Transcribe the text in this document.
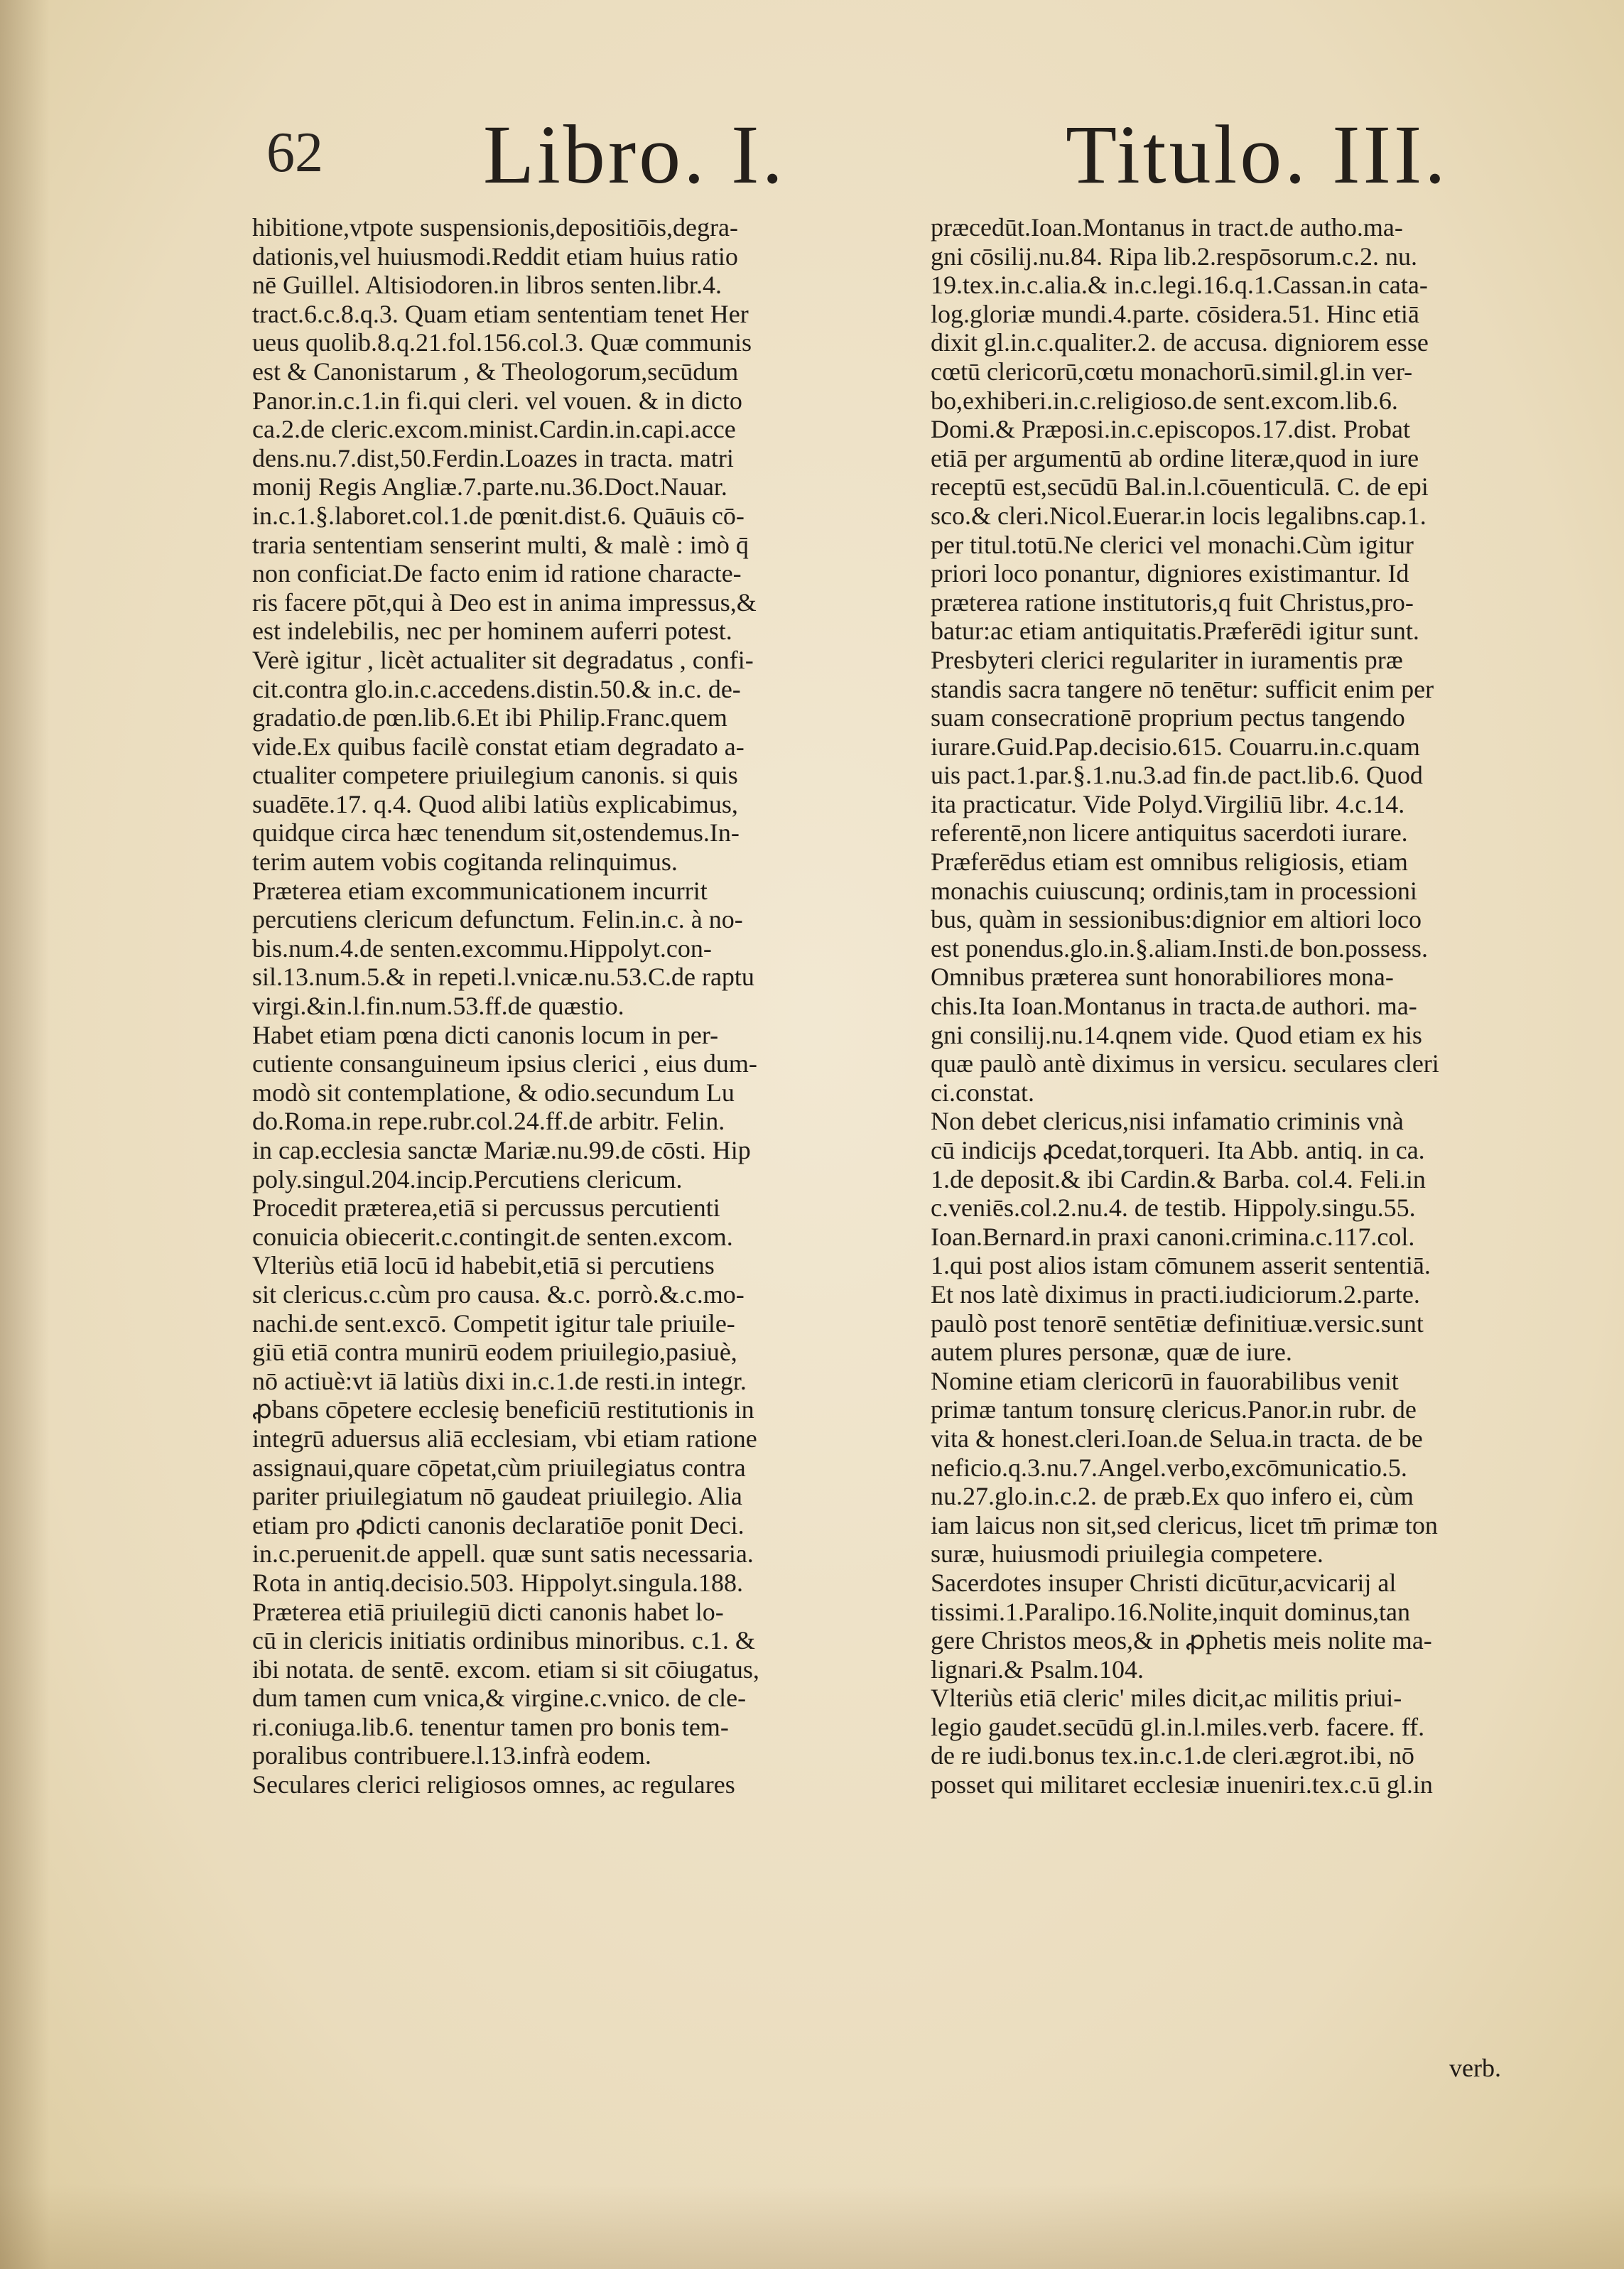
62 Libro. I.	Titulo. III.
hibitione,vtpote suspensionis,depositiōis,degra-
dationis,vel huiusmodi.Reddit etiam huius ratio
nē Guillel. Altisiodoren.in libros senten.libr.4.
tract.6.c.8.q.3. Quam etiam sententiam tenet Her
ueus quolib.8.q.21.fol.156.col.3. Quæ communis
est & Canonistarum , & Theologorum,secūdum
Panor.in.c.1.in fi.qui cleri. vel vouen. & in dicto
ca.2.de cleric.excom.minist.Cardin.in.capi.acce
dens.nu.7.dist,50.Ferdin.Loazes in tracta. matri
monij Regis Angliæ.7.parte.nu.36.Doct.Nauar.
in.c.1.§.laboret.col.1.de pœnit.dist.6. Quāuis cō-
traria sententiam senserint multi, & malè : imò q̄
non conficiat.De facto enim id ratione characte-
ris facere pōt,qui à Deo est in anima impressus,&
est indelebilis, nec per hominem auferri potest.
Verè igitur , licèt actualiter sit degradatus , confi-
cit.contra glo.in.c.accedens.distin.50.& in.c. de-
gradatio.de pœn.lib.6.Et ibi Philip.Franc.quem
vide.Ex quibus facilè constat etiam degradato a-
ctualiter competere priuilegium canonis. si quis
suadēte.17. q.4. Quod alibi latiùs explicabimus,
quidque circa hæc tenendum sit,ostendemus.In-
terim autem vobis cogitanda relinquimus.
Præterea etiam excommunicationem incurrit
percutiens clericum defunctum. Felin.in.c. à no-
bis.num.4.de senten.excommu.Hippolyt.con-
sil.13.num.5.& in repeti.l.vnicæ.nu.53.C.de raptu
virgi.&in.l.fin.num.53.ff.de quæstio.
Habet etiam pœna dicti canonis locum in per-
cutiente consanguineum ipsius clerici , eius dum-
modò sit contemplatione, & odio.secundum Lu
do.Roma.in repe.rubr.col.24.ff.de arbitr. Felin.
in cap.ecclesia sanctæ Mariæ.nu.99.de cōsti. Hip
poly.singul.204.incip.Percutiens clericum.
Procedit præterea,etiā si percussus percutienti
conuicia obiecerit.c.contingit.de senten.excom.
Vlteriùs etiā locū id habebit,etiā si percutiens
sit clericus.c.cùm pro causa. &.c. porrò.&.c.mo-
nachi.de sent.excō. Competit igitur tale priuile-
giū etiā contra munirū eodem priuilegio,pasiuè,
nō actiuè:vt iā latiùs dixi in.c.1.de resti.in integr.
ꝓbans cōpetere ecclesiȩ beneficiū restitutionis in
integrū aduersus aliā ecclesiam, vbi etiam ratione
assignaui,quare cōpetat,cùm priuilegiatus contra
pariter priuilegiatum nō gaudeat priuilegio. Alia
etiam pro ꝓdicti canonis declaratiōe ponit Deci.
in.c.peruenit.de appell. quæ sunt satis necessaria.
Rota in antiq.decisio.503. Hippolyt.singula.188.
Præterea etiā priuilegiū dicti canonis habet lo-
cū in clericis initiatis ordinibus minoribus. c.1. &
ibi notata. de sentē. excom. etiam si sit cōiugatus,
dum tamen cum vnica,& virgine.c.vnico. de cle-
ri.coniuga.lib.6. tenentur tamen pro bonis tem-
poralibus contribuere.l.13.infrà eodem.
Seculares clerici religiosos omnes, ac regulares
præcedūt.Ioan.Montanus in tract.de autho.ma-
gni cōsilij.nu.84. Ripa lib.2.respōsorum.c.2. nu.
19.tex.in.c.alia.& in.c.legi.16.q.1.Cassan.in cata-
log.gloriæ mundi.4.parte. cōsidera.51. Hinc etiā
dixit gl.in.c.qualiter.2. de accusa. digniorem esse
cœtū clericorū,cœtu monachorū.simil.gl.in ver-
bo,exhiberi.in.c.religioso.de sent.excom.lib.6.
Domi.& Præposi.in.c.episcopos.17.dist. Probat
etiā per argumentū ab ordine literæ,quod in iure
receptū est,secūdū Bal.in.l.cōuenticulā. C. de epi
sco.& cleri.Nicol.Euerar.in locis legalibns.cap.1.
per titul.totū.Ne clerici vel monachi.Cùm igitur
priori loco ponantur, digniores existimantur. Id
præterea ratione institutoris,q fuit Christus,pro-
batur:ac etiam antiquitatis.Præferēdi igitur sunt.
Presbyteri clerici regulariter in iuramentis præ
standis sacra tangere nō tenētur: sufficit enim per
suam consecrationē proprium pectus tangendo
iurare.Guid.Pap.decisio.615. Couarru.in.c.quam
uis pact.1.par.§.1.nu.3.ad fin.de pact.lib.6. Quod
ita practicatur. Vide Polyd.Virgiliū libr. 4.c.14.
referentē,non licere antiquitus sacerdoti iurare.
Præferēdus etiam est omnibus religiosis, etiam
monachis cuiuscunq; ordinis,tam in processioni
bus, quàm in sessionibus:dignior em altiori loco
est ponendus.glo.in.§.aliam.Insti.de bon.possess.
Omnibus præterea sunt honorabiliores mona-
chis.Ita Ioan.Montanus in tracta.de authori. ma-
gni consilij.nu.14.qnem vide. Quod etiam ex his
quæ paulò antè diximus in versicu. seculares cleri
ci.constat.
Non debet clericus,nisi infamatio criminis vnà
cū indicijs ꝓcedat,torqueri. Ita Abb. antiq. in ca.
1.de deposit.& ibi Cardin.& Barba. col.4. Feli.in
c.veniēs.col.2.nu.4. de testib. Hippoly.singu.55.
Ioan.Bernard.in praxi canoni.crimina.c.117.col.
1.qui post alios istam cōmunem asserit sententiā.
Et nos latè diximus in practi.iudiciorum.2.parte.
paulò post tenorē sentētiæ definitiuæ.versic.sunt
autem plures personæ, quæ de iure.
Nomine etiam clericorū in fauorabilibus venit
primæ tantum tonsurę clericus.Panor.in rubr. de
vita & honest.cleri.Ioan.de Selua.in tracta. de be
neficio.q.3.nu.7.Angel.verbo,excōmunicatio.5.
nu.27.glo.in.c.2. de præb.Ex quo infero ei, cùm
iam laicus non sit,sed clericus, licet tm̄ primæ ton
suræ, huiusmodi priuilegia competere.
Sacerdotes insuper Christi dicūtur,acvicarij al
tissimi.1.Paralipo.16.Nolite,inquit dominus,tan
gere Christos meos,& in ꝓphetis meis nolite ma-
lignari.& Psalm.104.
Vlteriùs etiā cleric' miles dicit,ac militis priui-
legio gaudet.secūdū gl.in.l.miles.verb. facere. ff.
de re iudi.bonus tex.in.c.1.de cleri.ægrot.ibi, nō
posset qui militaret ecclesiæ inueniri.tex.c.ū gl.in
verb.
